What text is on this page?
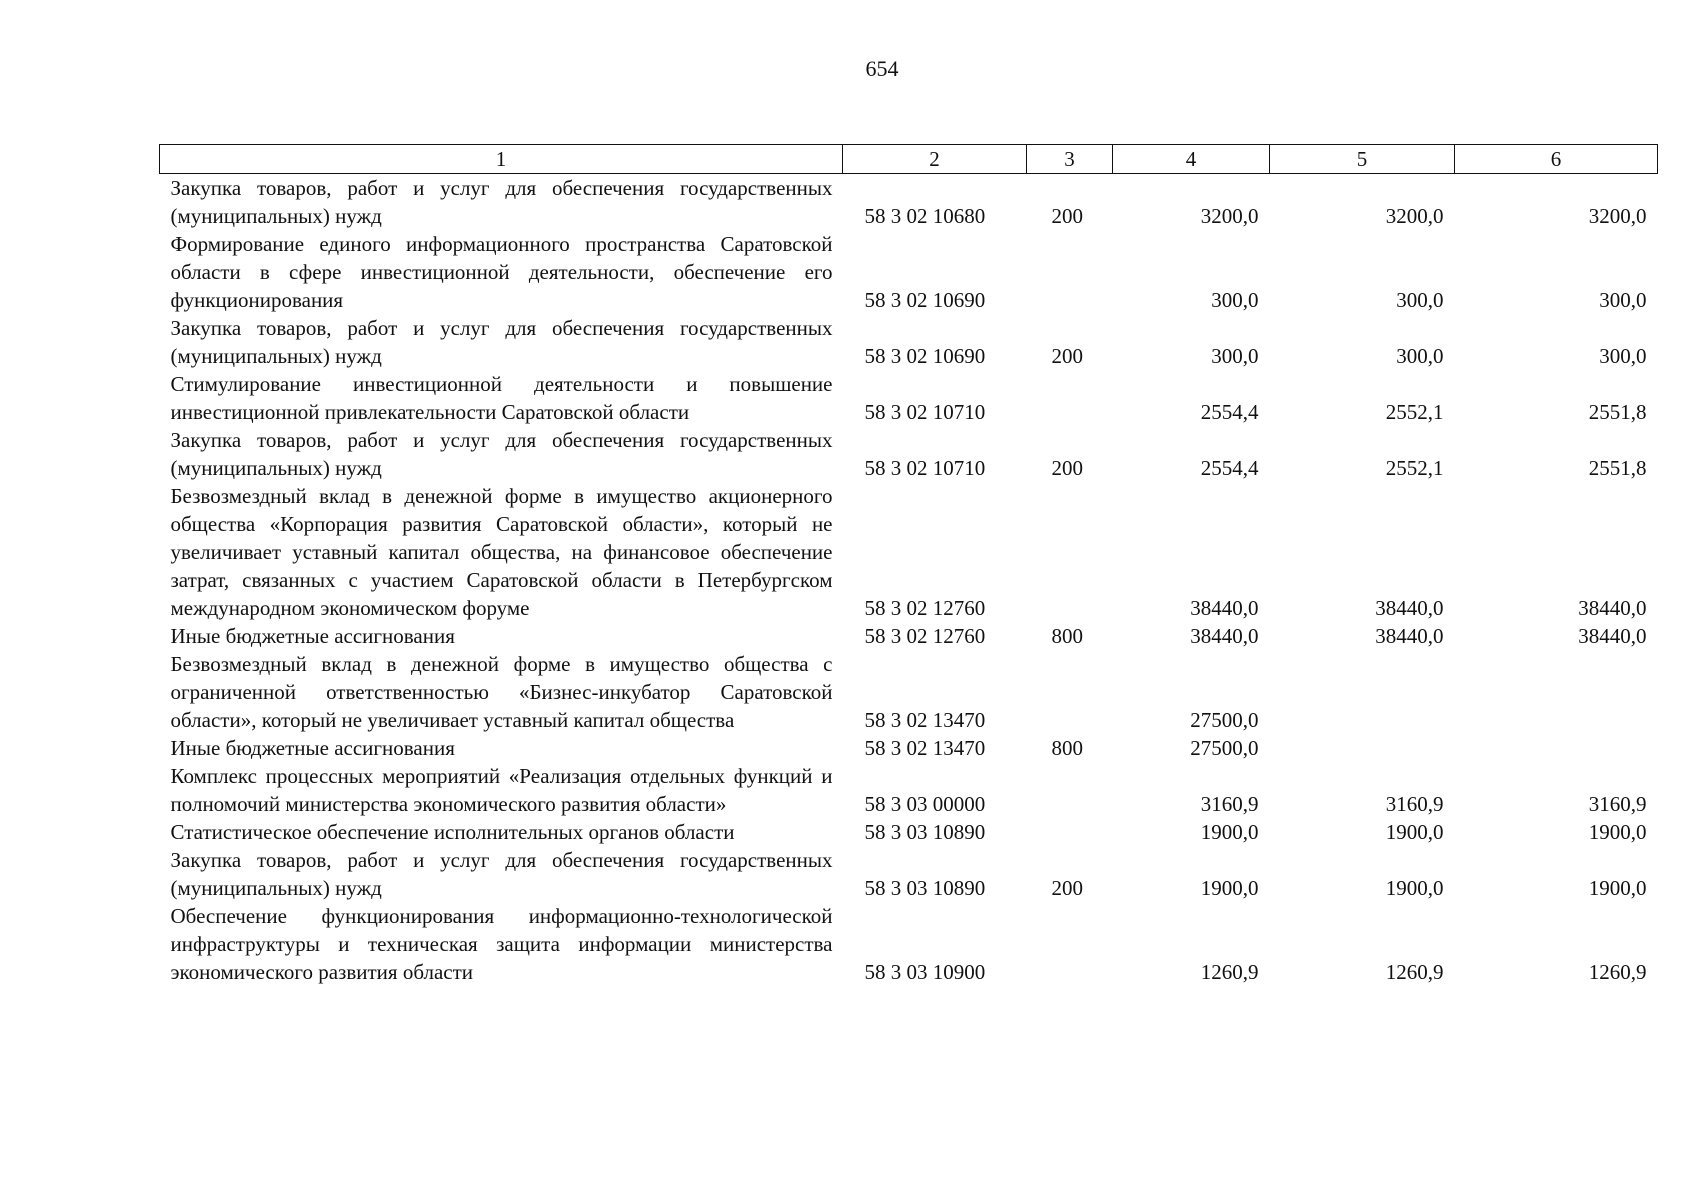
654
1	2	3	4	5	6
Закупка товаров, работ и услуг для обеспечения государственных (муниципальных) нужд	58 3 02 10680	200	3200,0	3200,0	3200,0
Формирование единого информационного пространства Саратовской области в сфере инвестиционной деятельности, обеспечение его функционирования	58 3 02 10690		300,0	300,0	300,0
Закупка товаров, работ и услуг для обеспечения государственных (муниципальных) нужд	58 3 02 10690	200	300,0	300,0	300,0
Стимулирование инвестиционной деятельности и повышение инвестиционной привлекательности Саратовской области	58 3 02 10710		2554,4	2552,1	2551,8
Закупка товаров, работ и услуг для обеспечения государственных (муниципальных) нужд	58 3 02 10710	200	2554,4	2552,1	2551,8
Безвозмездный вклад в денежной форме в имущество акционерного общества «Корпорация развития Саратовской области», который не увеличивает уставный капитал общества, на финансовое обеспечение затрат, связанных с участием Саратовской области в Петербургском международном экономическом форуме	58 3 02 12760		38440,0	38440,0	38440,0
Иные бюджетные ассигнования	58 3 02 12760	800	38440,0	38440,0	38440,0
Безвозмездный вклад в денежной форме в имущество общества с ограниченной ответственностью «Бизнес-инкубатор Саратовской области», который не увеличивает уставный капитал общества	58 3 02 13470		27500,0		
Иные бюджетные ассигнования	58 3 02 13470	800	27500,0		
Комплекс процессных мероприятий «Реализация отдельных функций и полномочий министерства экономического развития области»	58 3 03 00000		3160,9	3160,9	3160,9
Статистическое обеспечение исполнительных органов области	58 3 03 10890		1900,0	1900,0	1900,0
Закупка товаров, работ и услуг для обеспечения государственных (муниципальных) нужд	58 3 03 10890	200	1900,0	1900,0	1900,0
Обеспечение функционирования информационно-технологической инфраструктуры и техническая защита информации министерства экономического развития области	58 3 03 10900		1260,9	1260,9	1260,9
